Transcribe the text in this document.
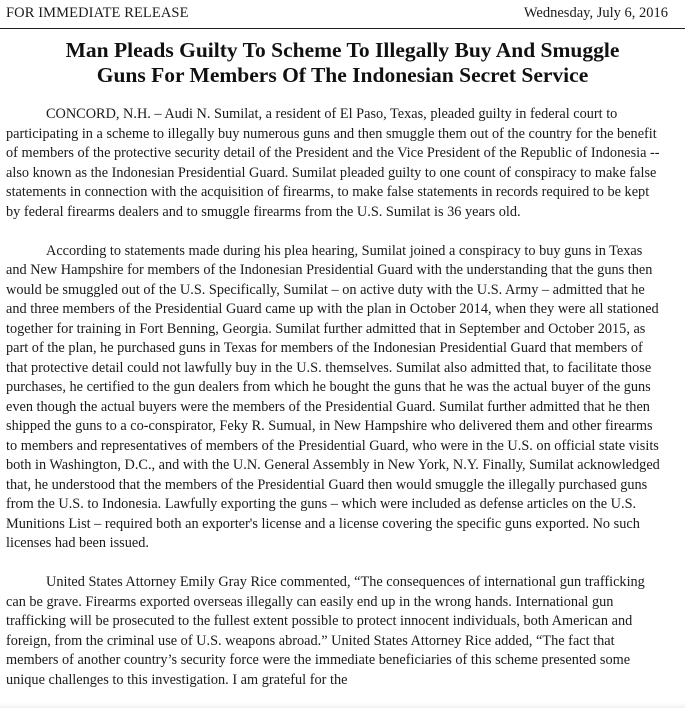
FOR IMMEDIATE RELEASE	Wednesday, July 6, 2016
Man Pleads Guilty To Scheme To Illegally Buy And Smuggle
Guns For Members Of The Indonesian Secret Service

CONCORD, N.H. – Audi N. Sumilat, a resident of El Paso, Texas, pleaded guilty in federal court to participating in a scheme to illegally buy numerous guns and then smuggle them out of the country for the benefit of members of the protective security detail of the President and the Vice President of the Republic of Indonesia -- also known as the Indonesian Presidential Guard. Sumilat pleaded guilty to one count of conspiracy to make false statements in connection with the acquisition of firearms, to make false statements in records required to be kept by federal firearms dealers and to smuggle firearms from the U.S. Sumilat is 36 years old.

According to statements made during his plea hearing, Sumilat joined a conspiracy to buy guns in Texas and New Hampshire for members of the Indonesian Presidential Guard with the understanding that the guns then would be smuggled out of the U.S. Specifically, Sumilat – on active duty with the U.S. Army – admitted that he and three members of the Presidential Guard came up with the plan in October 2014, when they were all stationed together for training in Fort Benning, Georgia. Sumilat further admitted that in September and October 2015, as part of the plan, he purchased guns in Texas for members of the Indonesian Presidential Guard that members of that protective detail could not lawfully buy in the U.S. themselves. Sumilat also admitted that, to facilitate those purchases, he certified to the gun dealers from which he bought the guns that he was the actual buyer of the guns even though the actual buyers were the members of the Presidential Guard. Sumilat further admitted that he then shipped the guns to a co-conspirator, Feky R. Sumual, in New Hampshire who delivered them and other firearms to members and representatives of members of the Presidential Guard, who were in the U.S. on official state visits both in Washington, D.C., and with the U.N. General Assembly in New York, N.Y. Finally, Sumilat acknowledged that, he understood that the members of the Presidential Guard then would smuggle the illegally purchased guns from the U.S. to Indonesia. Lawfully exporting the guns – which were included as defense articles on the U.S. Munitions List – required both an exporter's license and a license covering the specific guns exported. No such licenses had been issued.

United States Attorney Emily Gray Rice commented, “The consequences of international gun trafficking can be grave. Firearms exported overseas illegally can easily end up in the wrong hands. International gun trafficking will be prosecuted to the fullest extent possible to protect innocent individuals, both American and foreign, from the criminal use of U.S. weapons abroad.” United States Attorney Rice added, “The fact that members of another country’s security force were the immediate beneficiaries of this scheme presented some unique challenges to this investigation. I am grateful for the
